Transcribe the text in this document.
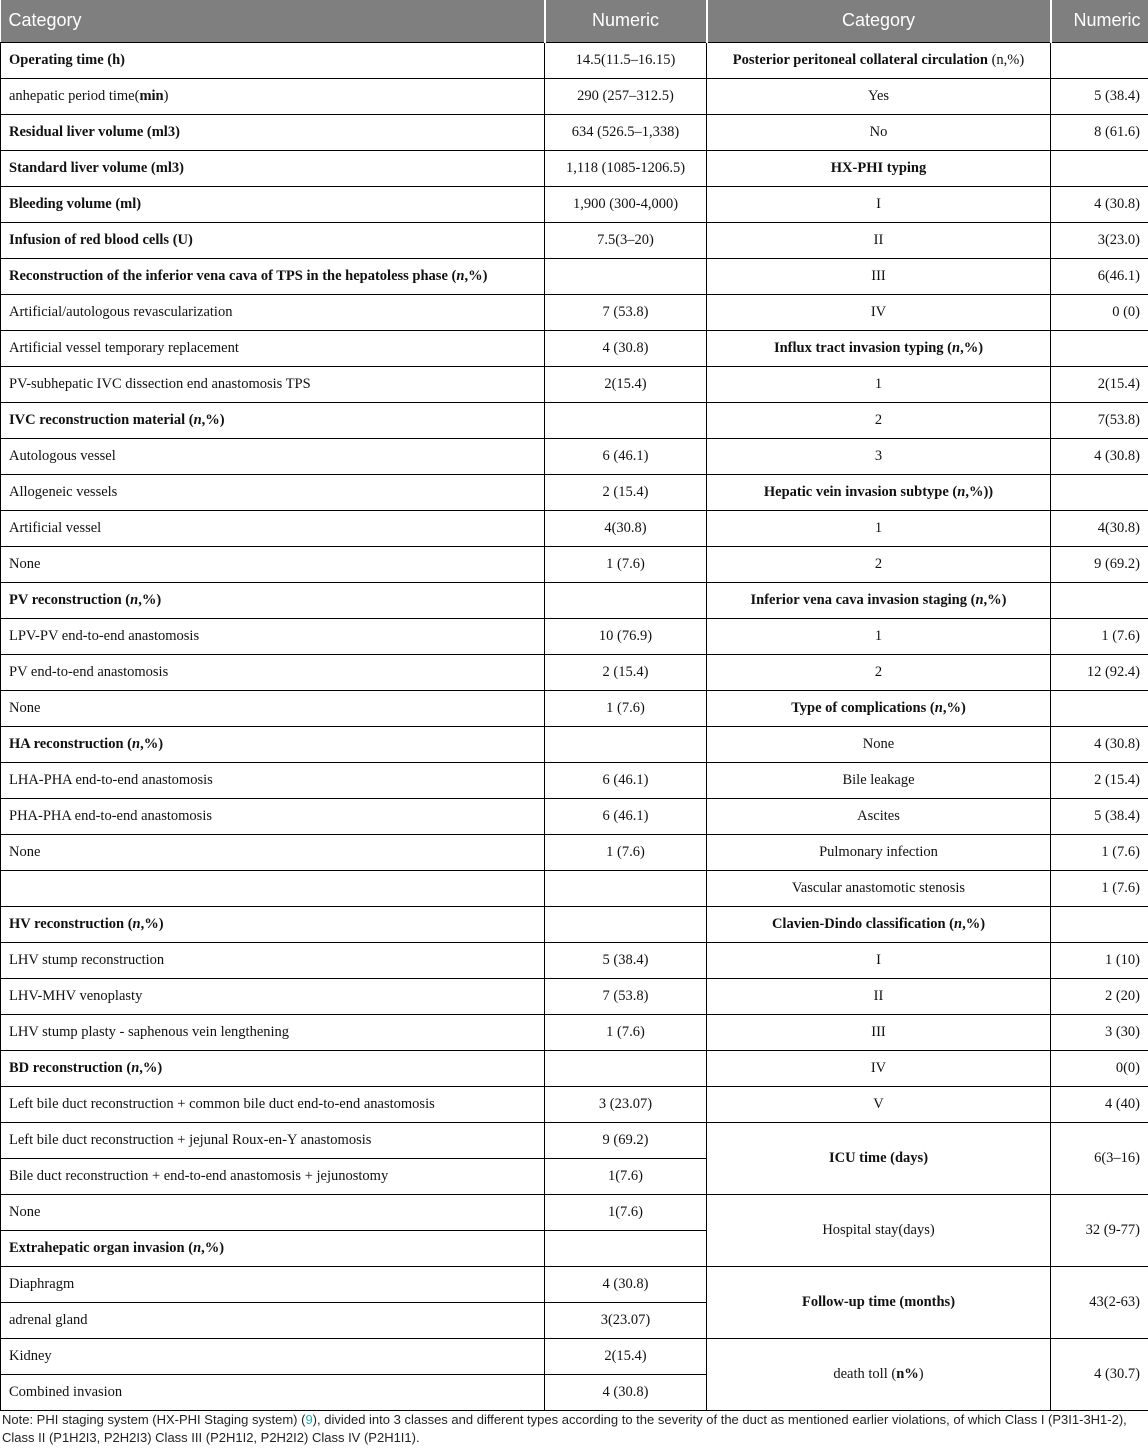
Category	Numeric	Category	Numeric
Operating time (h)	14.5(11.5–16.15)	Posterior peritoneal collateral circulation (n,%)	
anhepatic period time(min)	290 (257–312.5)	Yes	5 (38.4)
Residual liver volume (ml3)	634 (526.5–1,338)	No	8 (61.6)
Standard liver volume (ml3)	1,118 (1085-1206.5)	HX-PHI typing	
Bleeding volume (ml)	1,900 (300-4,000)	I	4 (30.8)
Infusion of red blood cells (U)	7.5(3–20)	II	3(23.0)
Reconstruction of the inferior vena cava of TPS in the hepatoless phase (n,%)		III	6(46.1)
Artificial/autologous revascularization	7 (53.8)	IV	0 (0)
Artificial vessel temporary replacement	4 (30.8)	Influx tract invasion typing (n,%)	
PV-subhepatic IVC dissection end anastomosis TPS	2(15.4)	1	2(15.4)
IVC reconstruction material (n,%)		2	7(53.8)
Autologous vessel	6 (46.1)	3	4 (30.8)
Allogeneic vessels	2 (15.4)	Hepatic vein invasion subtype (n,%))	
Artificial vessel	4(30.8)	1	4(30.8)
None	1 (7.6)	2	9 (69.2)
PV reconstruction (n,%)		Inferior vena cava invasion staging (n,%)	
LPV-PV end-to-end anastomosis	10 (76.9)	1	1 (7.6)
PV end-to-end anastomosis	2 (15.4)	2	12 (92.4)
None	1 (7.6)	Type of complications (n,%)	
HA reconstruction (n,%)		None	4 (30.8)
LHA-PHA end-to-end anastomosis	6 (46.1)	Bile leakage	2 (15.4)
PHA-PHA end-to-end anastomosis	6 (46.1)	Ascites	5 (38.4)
None	1 (7.6)	Pulmonary infection	1 (7.6)
		Vascular anastomotic stenosis	1 (7.6)
HV reconstruction (n,%)		Clavien-Dindo classification (n,%)	
LHV stump reconstruction	5 (38.4)	I	1 (10)
LHV-MHV venoplasty	7 (53.8)	II	2 (20)
LHV stump plasty - saphenous vein lengthening	1 (7.6)	III	3 (30)
BD reconstruction (n,%)		IV	0(0)
Left bile duct reconstruction + common bile duct end-to-end anastomosis	3 (23.07)	V	4 (40)
Left bile duct reconstruction + jejunal Roux-en-Y anastomosis	9 (69.2)	ICU time (days)	6(3–16)
Bile duct reconstruction + end-to-end anastomosis + jejunostomy	1(7.6)		
None	1(7.6)	Hospital stay(days)	32 (9-77)
Extrahepatic organ invasion (n,%)			
Diaphragm	4 (30.8)	Follow-up time (months)	43(2-63)
adrenal gland	3(23.07)		
Kidney	2(15.4)	death toll (n%)	4 (30.7)
Combined invasion	4 (30.8)		
Note: PHI staging system (HX-PHI Staging system) (9), divided into 3 classes and different types according to the severity of the duct as mentioned earlier violations, of which Class I (P3I1-3H1-2), Class II (P1H2I3, P2H2I3) Class III (P2H1I2, P2H2I2) Class IV (P2H1I1).
